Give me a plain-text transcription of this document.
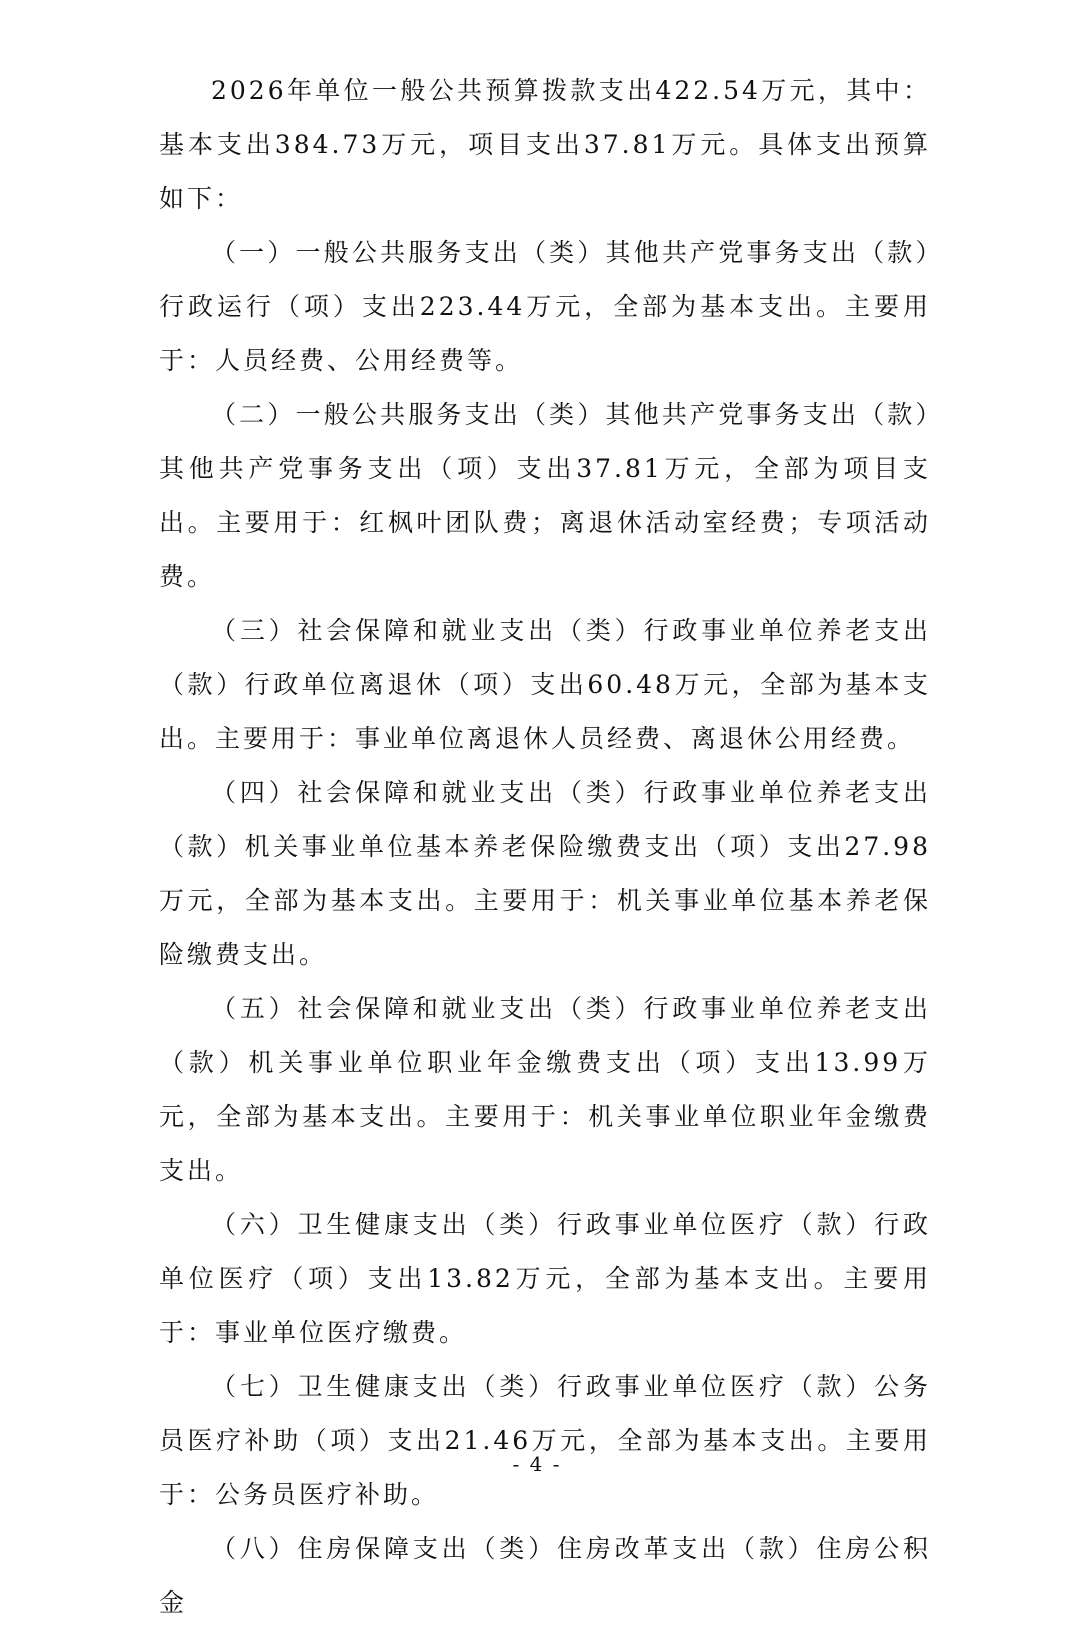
2026年单位一般公共预算拨款支出422.54万元，其中：基本支出384.73万元，项目支出37.81万元。具体支出预算如下：

（一）一般公共服务支出（类）其他共产党事务支出（款）行政运行（项）支出223.44万元，全部为基本支出。主要用于：人员经费、公用经费等。

（二）一般公共服务支出（类）其他共产党事务支出（款）其他共产党事务支出（项）支出37.81万元，全部为项目支出。主要用于：红枫叶团队费；离退休活动室经费；专项活动费。

（三）社会保障和就业支出（类）行政事业单位养老支出（款）行政单位离退休（项）支出60.48万元，全部为基本支出。主要用于：事业单位离退休人员经费、离退休公用经费。

（四）社会保障和就业支出（类）行政事业单位养老支出（款）机关事业单位基本养老保险缴费支出（项）支出27.98万元，全部为基本支出。主要用于：机关事业单位基本养老保险缴费支出。

（五）社会保障和就业支出（类）行政事业单位养老支出（款）机关事业单位职业年金缴费支出（项）支出13.99万元，全部为基本支出。主要用于：机关事业单位职业年金缴费支出。

（六）卫生健康支出（类）行政事业单位医疗（款）行政单位医疗（项）支出13.82万元，全部为基本支出。主要用于：事业单位医疗缴费。

（七）卫生健康支出（类）行政事业单位医疗（款）公务员医疗补助（项）支出21.46万元，全部为基本支出。主要用于：公务员医疗补助。

（八）住房保障支出（类）住房改革支出（款）住房公积金

- 4 -
